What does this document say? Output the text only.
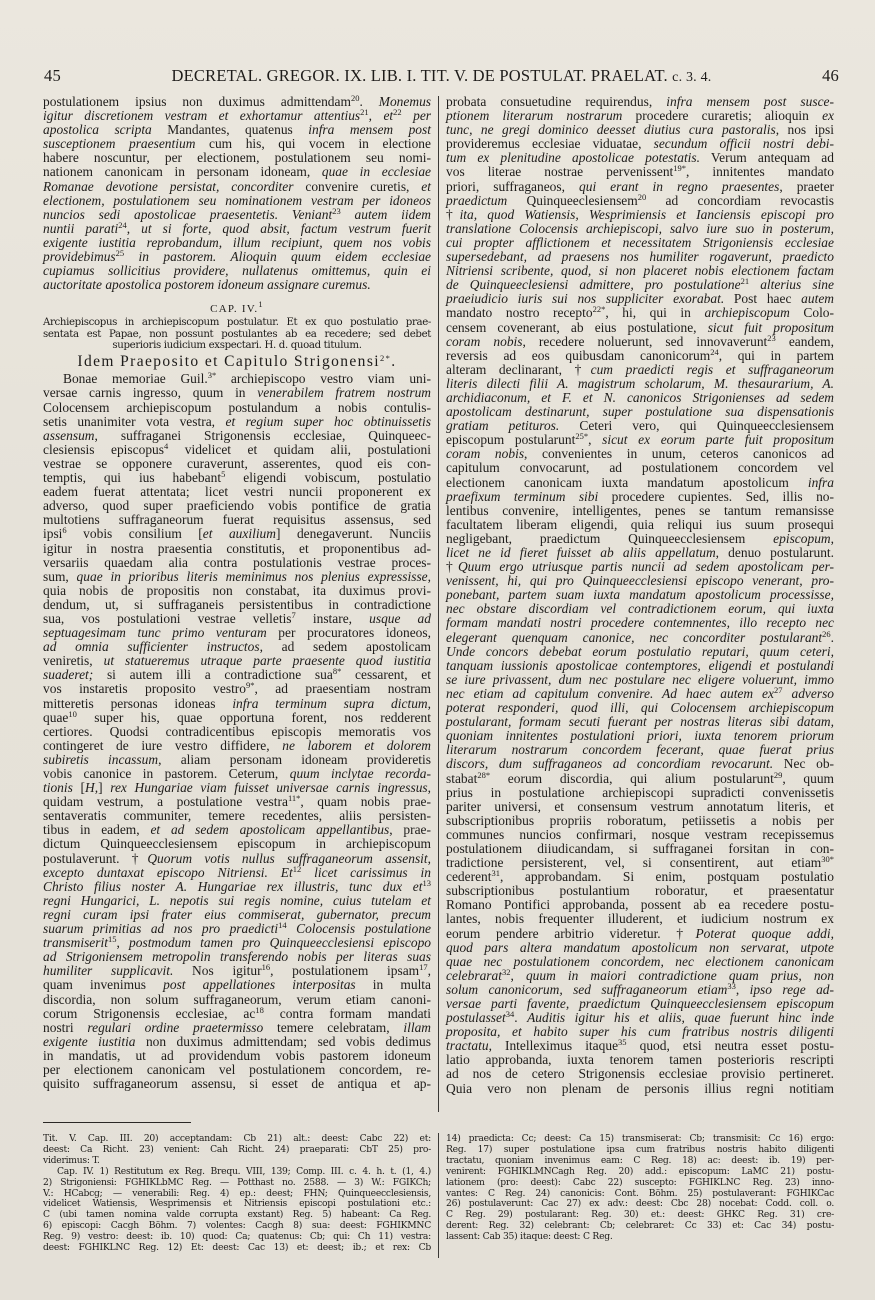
45	DECRETAL. GREGOR. IX. LIB. I. TIT. V. DE POSTULAT. PRAELAT. c. 3. 4.	46
postulationem ipsius non duximus admittendam$^{20}$. Monemus
igitur discretionem vestram et exhortamur attentius$^{21}$, $et^{22}$ per
apostolica scripta Mandantes, quatenus infra mensem post
susceptionem praesentium cum his, qui vocem in electione
habere noscuntur, per electionem, postulationem seu nomi-
nationem canonicam in personam idoneam, quae in ecclesiae
Romanae devotione persistat, concorditer convenire curetis, et
electionem, postulationem seu nominationem vestram per idoneos
nuncios sedi apostolicae praesentetis. Veniant$^{23}$ autem iidem
nuntii parati$^{24}$, ut si forte, quod absit, factum vestrum fuerit
exigente iustitia reprobandum, illum recipiunt, quem nos vobis
providebimus$^{25}$ in pastorem. Alioquin quum eidem ecclesiae
cupiamus sollicitius providere, nullatenus omittemus, quin ei
auctoritate apostolica postorem idoneum assignare curemus.
CAP. IV.$^1$
Archiepiscopus in archiepiscopum postulatur. Et ex quo postulatio prae-
sentata est Papae, non possunt postulantes ab ea recedere; sed debet
superioris iudicium exspectari. H. d. quoad titulum.
Idem Praeposito et Capitulo Strigonensi$^{2*}$.
Bonae memoriae Guil.$^{3*}$ archiepiscopo vestro viam uni-
versae carnis ingresso, quum in venerabilem fratrem nostrum
Colocensem archiepiscopum postulandum a nobis contulis-
setis unanimiter vota vestra, et regium super hoc obtinuissetis
assensum, suffraganei Strigonensis ecclesiae, Quinqueec-
clesiensis episcopus$^4$ videlicet et quidam alii, postulationi
vestrae se opponere curaverunt, asserentes, quod eis con-
temptis, qui ius habebant$^5$ eligendi vobiscum, postulatio
eadem fuerat attentata; licet vestri nuncii proponerent ex
adverso, quod super praeficiendo vobis pontifice de gratia
multotiens suffraganeorum fuerat requisitus assensus, sed
ipsi$^6$ vobis consilium [et auxilium] denegaverunt. Nunciis
igitur in nostra praesentia constitutis, et proponentibus ad-
versariis quaedam alia contra postulationis vestrae proces-
sum, quae in prioribus literis meminimus nos plenius expressisse,
quia nobis de propositis non constabat, ita duximus provi-
dendum, ut, si suffraganeis persistentibus in contradictione
sua, vos postulationi vestrae velletis$^7$ instare, usque ad
septuagesimam tunc primo venturam per procuratores idoneos,
ad omnia sufficienter instructos, ad sedem apostolicam
veniretis, ut statueremus utraque parte praesente quod iustitia
suaderet; si autem illi a contradictione sua$^{8*}$ cessarent, et
vos instaretis proposito vestro$^{9*}$, ad praesentiam nostram
mitteretis personas idoneas infra terminum supra dictum,
quae$^{10}$ super his, quae opportuna forent, nos redderent
certiores. Quodsi contradicentibus episcopis memoratis vos
contingeret de iure vestro diffidere, ne laborem et dolorem
subiretis incassum, aliam personam idoneam provideretis
vobis canonice in pastorem. Ceterum, quum inclytae recorda-
tionis [H,] rex Hungariae viam fuisset universae carnis ingressus,
quidam vestrum, a postulatione vestra$^{11*}$, quam nobis prae-
sentaveratis communiter, temere recedentes, aliis persisten-
tibus in eadem, et ad sedem apostolicam appellantibus, prae-
dictum Quinqueecclesiensem episcopum in archiepiscopum
postulaverunt. †Quorum votis nullus suffraganeorum assensit,
excepto duntaxat episcopo Nitriensi. Et$^{12}$ licet carissimus in
Christo filius noster A. Hungariae rex illustris, tunc dux $et^{13}$
regni Hungarici, L. nepotis sui regis nomine, cuius tutelam et
regni curam ipsi frater eius commiserat, gubernator, precum
suarum primitias ad nos pro praedicti$^{14}$ Colocensis postulatione
transmiserit$^{15}$, postmodum tamen pro Quinqueecclesiensi episcopo
ad Strigoniensem metropolin transferendo nobis per literas suas
humiliter supplicavit. Nos igitur$^{16}$, postulationem ipsam$^{17}$,
quam invenimus post appellationes interpositas in multa
discordia, non solum suffraganeorum, verum etiam canoni-
corum Strigonensis ecclesiae, $ac^{18}$ contra formam mandati
nostri regulari ordine praetermisso temere celebratam, illam
exigente iustitia non duximus admittendam; sed vobis dedimus
in mandatis, ut ad providendum vobis pastorem idoneum
per electionem canonicam vel postulationem concordem, re-
quisito suffraganeorum assensu, si esset de antiqua et ap-
probata consuetudine requirendus, infra mensem post susce-
ptionem literarum nostrarum procedere curaretis; alioquin ex
tunc, ne gregi dominico deesset diutius cura pastoralis, nos ipsi
provideremus ecclesiae viduatae, secundum officii nostri debi-
tum ex plenitudine apostolicae potestatis. Verum antequam ad
vos literae nostrae pervenissent$^{19*}$, innitentes mandato
priori, suffraganeos, qui erant in regno praesentes, praeter
praedictum Quinqueeclesiensem$^{20}$ ad concordiam revocastis
†ita, quod Watiensis, Wesprimiensis et Ianciensis episcopi pro
translatione Colocensis archiepiscopi, salvo iure suo in posterum,
cui propter afflictionem et necessitatem Strigoniensis ecclesiae
supersedebant, ad praesens nos humiliter rogaverunt, praedicto
Nitriensi scribente, quod, si non placeret nobis electionem factam
de Quinqueeclesiensi admittere, pro postulatione$^{21}$ alterius sine
praeiudicio iuris sui nos suppliciter exorabat. Post haec autem
mandato nostro recepto$^{22*}$, hi, qui in archiepiscopum Colo-
censem covenerant, ab eius postulatione, sicut fuit propositum
coram nobis, recedere noluerunt, sed innovaverunt$^{23}$ eandem,
reversis ad eos quibusdam canonicorum$^{24}$, qui in partem
alteram declinarant, †cum praedicti regis et suffraganeorum
literis dilecti filii A. magistrum scholarum, M. thesaurarium, A.
archidiaconum, et F. et N. canonicos Strigonienses ad sedem
apostolicam destinarunt, super postulatione sua dispensationis
gratiam petituros. Ceteri vero, qui Quinqueecclesiensem
episcopum postularunt$^{25*}$, sicut ex eorum parte fuit propositum
coram nobis, convenientes in unum, ceteros canonicos ad
capitulum convocarunt, ad postulationem concordem vel
electionem canonicam iuxta mandatum apostolicum infra
praefixum terminum sibi procedere cupientes. Sed, illis no-
lentibus convenire, intelligentes, penes se tantum remansisse
facultatem liberam eligendi, quia reliqui ius suum prosequi
negligebant, praedictum Quinqueecclesiensem episcopum,
licet ne id fieret fuisset ab aliis appellatum, denuo postularunt.
†Quum ergo utriusque partis nuncii ad sedem apostolicam per-
venissent, hi, qui pro Quinqueecclesiensi episcopo venerant, pro-
ponebant, partem suam iuxta mandatum apostolicum processisse,
nec obstare discordiam vel contradictionem eorum, qui iuxta
formam mandati nostri procedere contemnentes, illo recepto nec
elegerant quenquam canonice, nec concorditer postularant$^{26}$.
Unde concors debebat eorum postulatio reputari, quum ceteri,
tanquam iussionis apostolicae contemptores, eligendi et postulandi
se iure privassent, dum nec postulare nec eligere voluerunt, immo
nec etiam ad capitulum convenire. Ad haec autem $ex^{27}$ adverso
poterat responderi, quod illi, qui Colocensem archiepiscopum
postularant, formam secuti fuerant per nostras literas sibi datam,
quoniam innitentes postulationi priori, iuxta tenorem priorum
literarum nostrarum concordem fecerant, quae fuerat prius
discors, dum suffraganeos ad concordiam revocarunt. Nec ob-
stabat$^{28*}$ eorum discordia, qui alium postularunt$^{29}$, quum
prius in postulatione archiepiscopi supradicti convenissetis
pariter universi, et consensum vestrum annotatum literis, et
subscriptionibus propriis roboratum, petiissetis a nobis per
communes nuncios confirmari, nosque vestram recepissemus
postulationem diiudicandam, si suffraganei forsitan in con-
tradictione persisterent, vel, si consentirent, aut etiam$^{30*}$
cederent$^{31}$, approbandam. Si enim, postquam postulatio
subscriptionibus postulantium roboratur, et praesentatur
Romano Pontifici approbanda, possent ab ea recedere postu-
lantes, nobis frequenter illuderent, et iudicium nostrum ex
eorum pendere arbitrio videretur. †Poterat quoque addi,
quod pars altera mandatum apostolicum non servarat, utpote
quae nec postulationem concordem, nec electionem canonicam
celebrarat$^{32}$, quum in maiori contradictione quam prius, non
solum canonicorum, sed suffraganeorum etiam$^{33}$, ipso rege ad-
versae parti favente, praedictum Quinqueecclesiensem episcopum
postulasset$^{34}$. Auditis igitur his et aliis, quae fuerunt hinc inde
proposita, et habito super his cum fratribus nostris diligenti
tractatu, Intelleximus itaque$^{35}$ quod, etsi neutra esset postu-
latio approbanda, iuxta tenorem tamen posterioris rescripti
ad nos de cetero Strigonensis ecclesiae provisio pertineret.
Quia vero non plenam de personis illius regni notitiam
Tit. V. Cap. III. 20) acceptandam: Cb 21) alt.: deest: Cabc 22) et:
deest: Ca Richt. 23) venient: Cah Richt. 24) praeparati: CbT 25) pro-
viderimus: T.
Cap. IV. 1) Restitutum ex Reg. Brequ. VIII, 139; Comp. III. c. 4. h. t. (1, 4.)
2) Strigoniensi: FGHIKLbMC Reg. — Potthast no. 2588. — 3) W.: FGIKCh;
V.: HCabcg; — venerabili: Reg. 4) ep.: deest; FHN; Quinqueecclesiensis,
videlicet Watiensis, Wesprimensis et Nitriensis episcopi postulationi etc.:
C (ubi tamen nomina valde corrupta exstant) Reg. 5) habeant: Ca Reg.
6) episcopi: Cacgh Böhm. 7) volentes: Cacgh 8) sua: deest: FGHIKMNC
Reg. 9) vestro: deest: ib. 10) quod: Ca; quatenus: Cb; qui: Ch 11) vestra:
deest: FGHIKLNC Reg. 12) Et: deest: Cac 13) et: deest; ib.; et rex: Cb
14) praedicta: Cc; deest: Ca 15) transmiserat: Cb; transmisit: Cc 16) ergo:
Reg. 17) super postulatione ipsa cum fratribus nostris habito diligenti
tractatu, quoniam invenimus eam: C Reg. 18) ac: deest: ib. 19) per-
venirent: FGHIKLMNCagh Reg. 20) add.: episcopum: LaMC 21) postu-
lationem (pro: deest): Cabc 22) suscepto: FGHIKLNC Reg. 23) inno-
vantes: C Reg. 24) canonicis: Cont. Böhm. 25) postulaverant: FGHIKCac
26) postulaverunt: Cac 27) ex adv.: deest: Cbc 28) nocebat: Codd. coll. o.
C Reg. 29) postularant: Reg. 30) et.: deest: GHKC Reg. 31) cre-
derent: Reg. 32) celebrant: Cb; celebraret: Cc 33) et: Cac 34) postu-
lassent: Cab 35) itaque: deest: C Reg.
